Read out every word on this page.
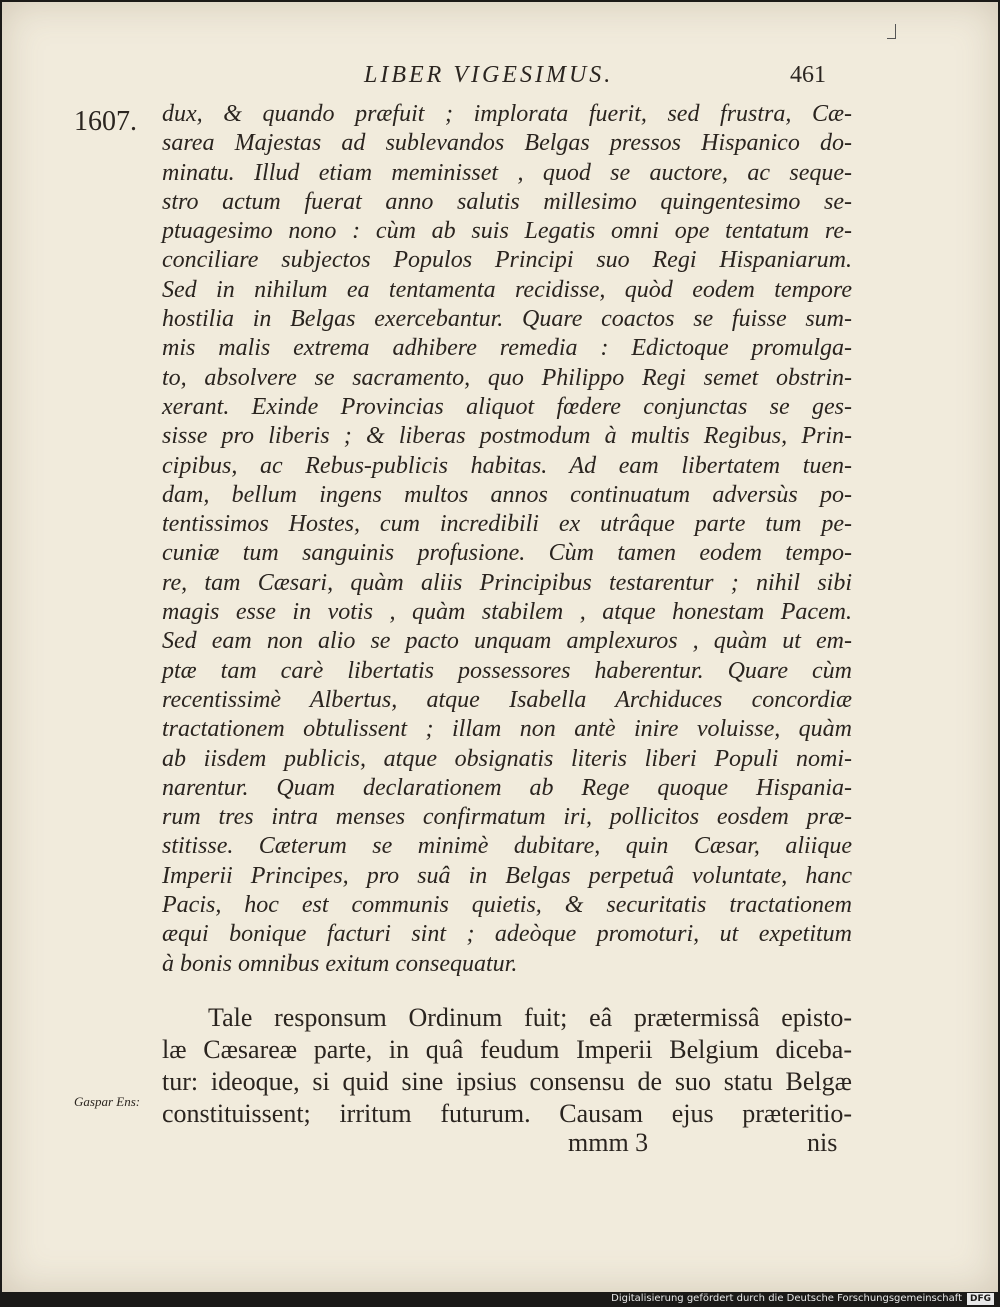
LIBER VIGESIMUS.	461
1607. dux, & quando præfuit ; implorata fuerit, sed frustra, Cæ-
sarea Majestas ad sublevandos Belgas pressos Hispanico do-
minatu. Illud etiam meminisset , quod se auctore, ac seque-
stro actum fuerat anno salutis millesimo quingentesimo se-
ptuagesimo nono : cùm ab suis Legatis omni ope tentatum re-
conciliare subjectos Populos Principi suo Regi Hispaniarum.
Sed in nihilum ea tentamenta recidisse, quòd eodem tempore
hostilia in Belgas exercebantur. Quare coactos se fuisse sum-
mis malis extrema adhibere remedia : Edictoque promulga-
to, absolvere se sacramento, quo Philippo Regi semet obstrin-
xerant. Exinde Provincias aliquot fœdere conjunctas se ges-
sisse pro liberis ; & liberas postmodum à multis Regibus, Prin-
cipibus, ac Rebus-publicis habitas. Ad eam libertatem tuen-
dam, bellum ingens multos annos continuatum adversùs po-
tentissimos Hostes, cum incredibili ex utrâque parte tum pe-
cuniæ tum sanguinis profusione. Cùm tamen eodem tempo-
re, tam Cæsari, quàm aliis Principibus testarentur ; nihil sibi
magis esse in votis , quàm stabilem , atque honestam Pacem.
Sed eam non alio se pacto unquam amplexuros , quàm ut em-
ptæ tam carè libertatis possessores haberentur. Quare cùm
recentissimè Albertus, atque Isabella Archiduces concordiæ
tractationem obtulissent ; illam non antè inire voluisse, quàm
ab iisdem publicis, atque obsignatis literis liberi Populi nomi-
narentur. Quam declarationem ab Rege quoque Hispania-
rum tres intra menses confirmatum iri, pollicitos eosdem præ-
stitisse. Cæterum se minimè dubitare, quin Cæsar, aliique
Imperii Principes, pro suâ in Belgas perpetuâ voluntate, hanc
Pacis, hoc est communis quietis, & securitatis tractationem
æqui bonique facturi sint ; adeòque promoturi, ut expetitum
à bonis omnibus exitum consequatur.
Tale responsum Ordinum fuit; eâ prætermissâ episto-
læ Cæsareæ parte, in quâ feudum Imperii Belgium diceba-
tur: ideoque, si quid sine ipsius consensu de suo statu Belgæ
constituissent; irritum futurum. Causam ejus præteritio-
Gaspar Ens:
mmm 3	nis
Digitalisierung gefördert durch die Deutsche Forschungsgemeinschaft DFG
